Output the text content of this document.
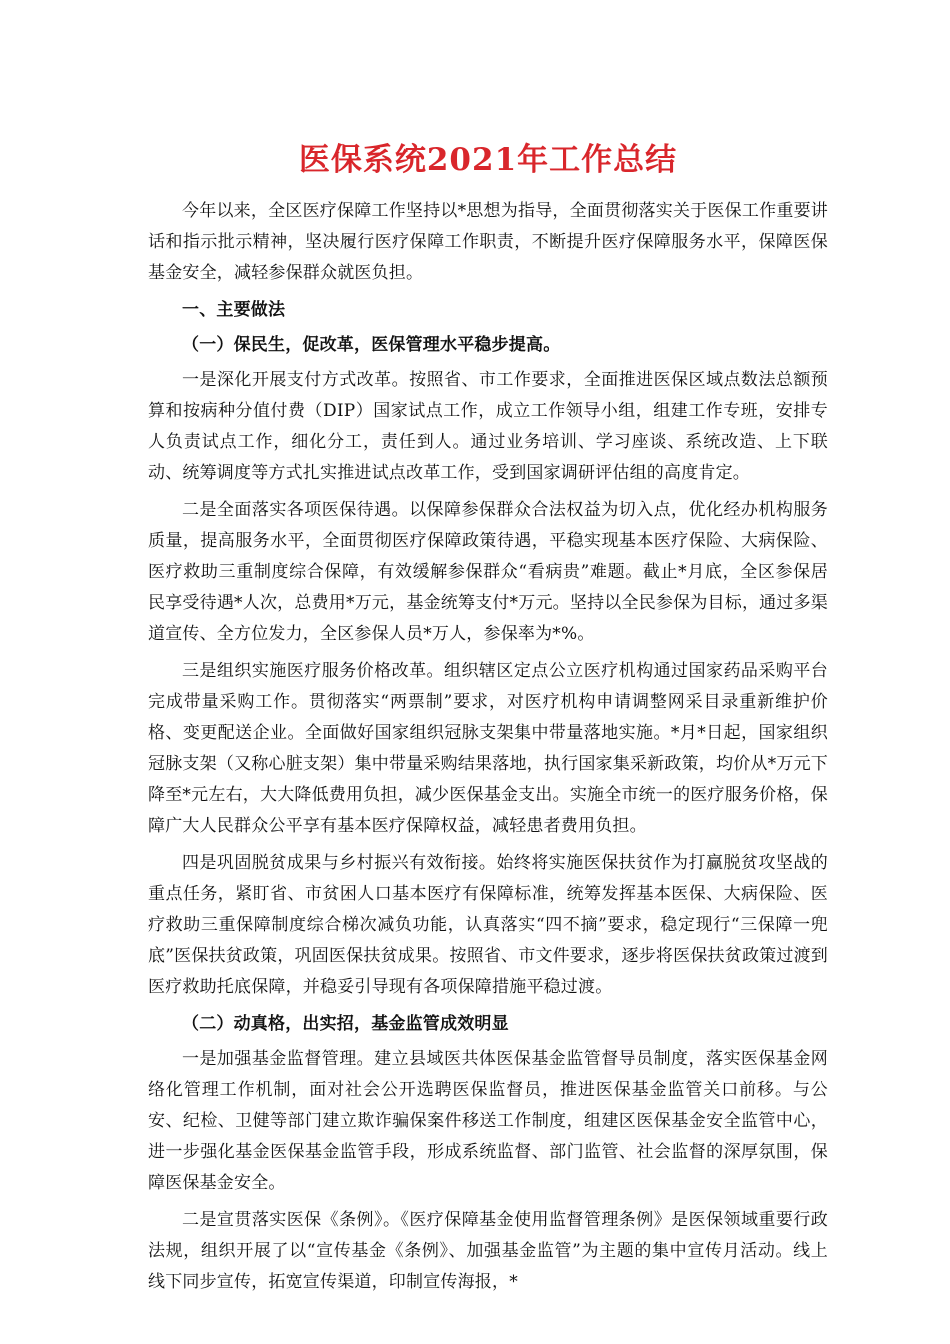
医保系统2021年工作总结

今年以来，全区医疗保障工作坚持以*思想为指导，全面贯彻落实关于医保工作重要讲话和指示批示精神，坚决履行医疗保障工作职责，不断提升医疗保障服务水平，保障医保基金安全，减轻参保群众就医负担。

一、主要做法

（一）保民生，促改革，医保管理水平稳步提高。

一是深化开展支付方式改革。按照省、市工作要求，全面推进医保区域点数法总额预算和按病种分值付费（DIP）国家试点工作，成立工作领导小组，组建工作专班，安排专人负责试点工作，细化分工，责任到人。通过业务培训、学习座谈、系统改造、上下联动、统筹调度等方式扎实推进试点改革工作，受到国家调研评估组的高度肯定。

二是全面落实各项医保待遇。以保障参保群众合法权益为切入点，优化经办机构服务质量，提高服务水平，全面贯彻医疗保障政策待遇，平稳实现基本医疗保险、大病保险、医疗救助三重制度综合保障，有效缓解参保群众“看病贵”难题。截止*月底，全区参保居民享受待遇*人次，总费用*万元，基金统筹支付*万元。坚持以全民参保为目标，通过多渠道宣传、全方位发力，全区参保人员*万人，参保率为*%。

三是组织实施医疗服务价格改革。组织辖区定点公立医疗机构通过国家药品采购平台完成带量采购工作。贯彻落实“两票制”要求，对医疗机构申请调整网采目录重新维护价格、变更配送企业。全面做好国家组织冠脉支架集中带量落地实施。*月*日起，国家组织冠脉支架（又称心脏支架）集中带量采购结果落地，执行国家集采新政策，均价从*万元下降至*元左右，大大降低费用负担，减少医保基金支出。实施全市统一的医疗服务价格，保障广大人民群众公平享有基本医疗保障权益，减轻患者费用负担。

四是巩固脱贫成果与乡村振兴有效衔接。始终将实施医保扶贫作为打赢脱贫攻坚战的重点任务，紧盯省、市贫困人口基本医疗有保障标准，统筹发挥基本医保、大病保险、医疗救助三重保障制度综合梯次减负功能，认真落实“四不摘”要求，稳定现行“三保障一兜底”医保扶贫政策，巩固医保扶贫成果。按照省、市文件要求，逐步将医保扶贫政策过渡到医疗救助托底保障，并稳妥引导现有各项保障措施平稳过渡。

（二）动真格，出实招，基金监管成效明显

一是加强基金监督管理。建立县域医共体医保基金监管督导员制度，落实医保基金网络化管理工作机制，面对社会公开选聘医保监督员，推进医保基金监管关口前移。与公安、纪检、卫健等部门建立欺诈骗保案件移送工作制度，组建区医保基金安全监管中心，进一步强化基金医保基金监管手段，形成系统监督、部门监管、社会监督的深厚氛围，保障医保基金安全。

二是宣贯落实医保《条例》。《医疗保障基金使用监督管理条例》是医保领域重要行政法规，组织开展了以“宣传基金《条例》、加强基金监管”为主题的集中宣传月活动。线上线下同步宣传，拓宽宣传渠道，印制宣传海报，*
